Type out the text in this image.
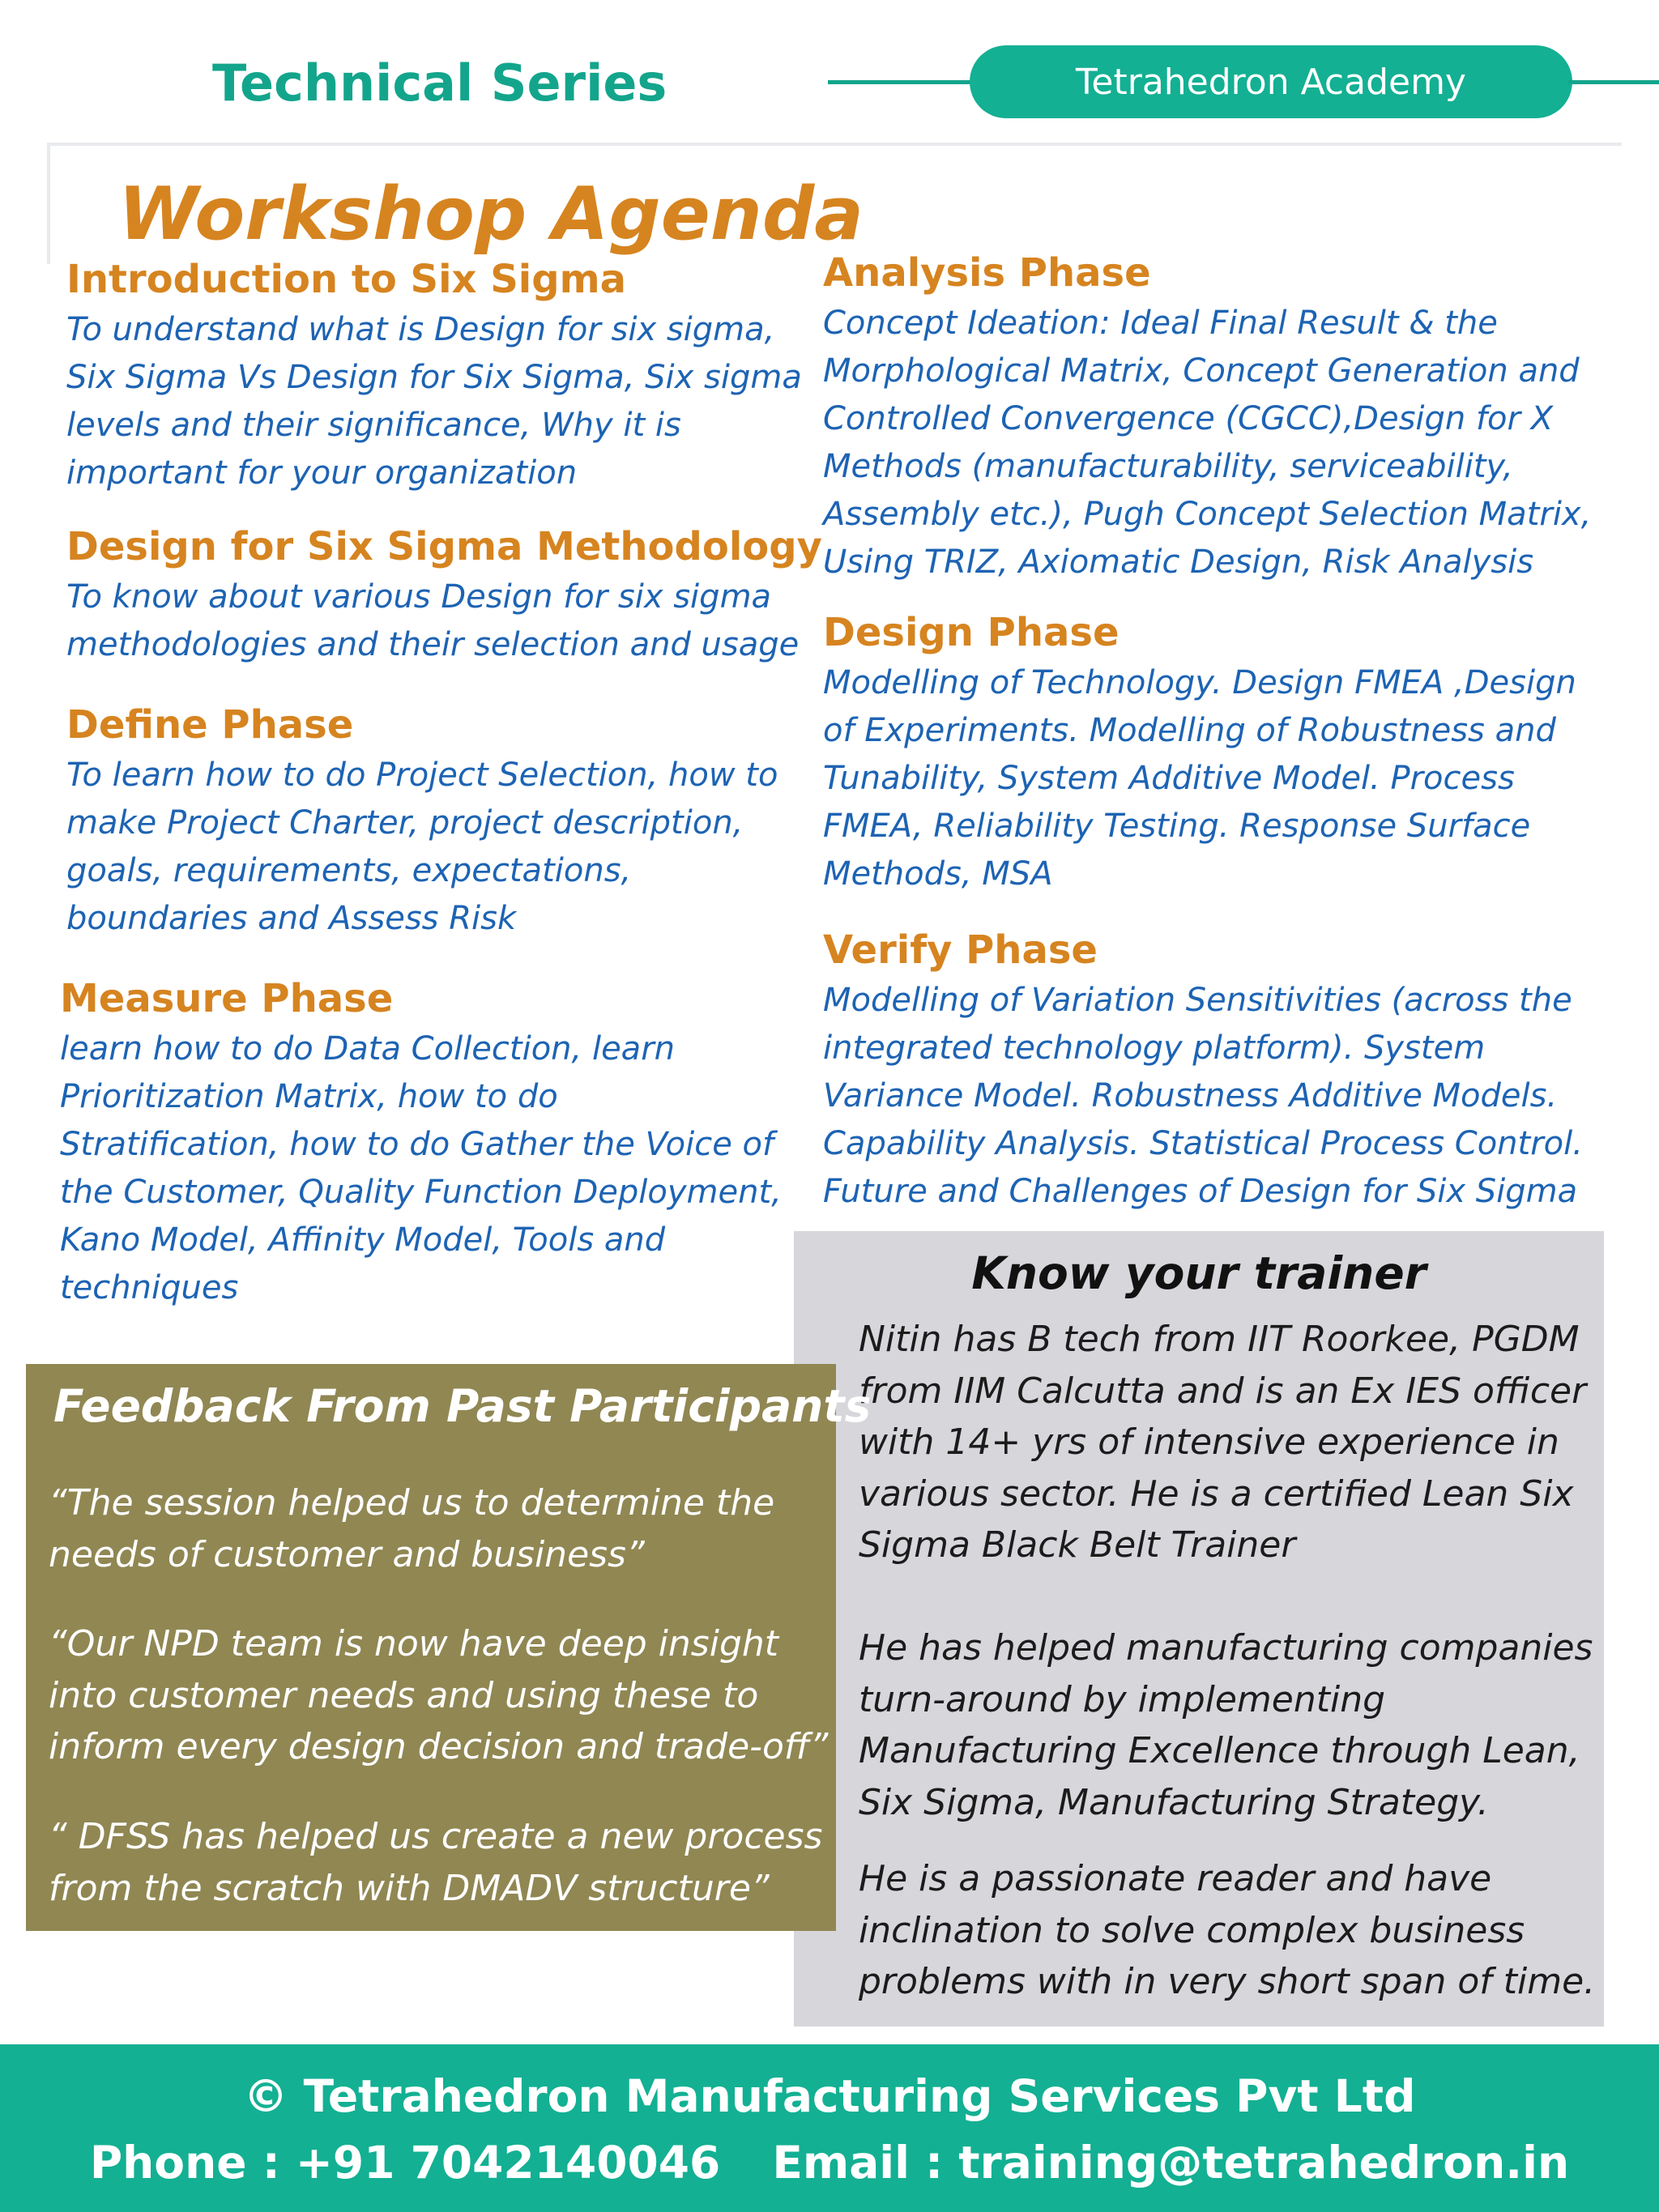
Technical Series	Tetrahedron Academy
Workshop Agenda
Introduction to Six Sigma

To understand what is Design for six sigma,
Six Sigma Vs Design for Six Sigma, Six sigma
levels and their significance, Why it is
important for your organization

Design for Six Sigma Methodology

To know about various Design for six sigma
methodologies and their selection and usage

Define Phase

To learn how to do Project Selection, how to
make Project Charter, project description,
goals, requirements, expectations,
boundaries and Assess Risk

Measure Phase

learn how to do Data Collection, learn
Prioritization Matrix, how to do
Stratification, how to do Gather the Voice of
the Customer, Quality Function Deployment,
Kano Model, Affinity Model, Tools and
techniques

Analysis Phase

Concept Ideation: Ideal Final Result & the
Morphological Matrix, Concept Generation and
Controlled Convergence (CGCC),Design for X
Methods (manufacturability, serviceability,
Assembly etc.), Pugh Concept Selection Matrix,
Using TRIZ, Axiomatic Design, Risk Analysis

Design Phase

Modelling of Technology. Design FMEA ,Design
of Experiments. Modelling of Robustness and
Tunability, System Additive Model. Process
FMEA, Reliability Testing. Response Surface
Methods, MSA

Verify Phase

Modelling of Variation Sensitivities (across the
integrated technology platform). System
Variance Model. Robustness Additive Models.
Capability Analysis. Statistical Process Control.
Future and Challenges of Design for Six Sigma

Know your trainer

Nitin has B tech from IIT Roorkee, PGDM
from IIM Calcutta and is an Ex IES officer
with 14+ yrs of intensive experience in
various sector. He is a certified Lean Six
Sigma Black Belt Trainer

He has helped manufacturing companies
turn-around by implementing
Manufacturing Excellence through Lean,
Six Sigma, Manufacturing Strategy.

He is a passionate reader and have
inclination to solve complex business
problems with in very short span of time.

Feedback From Past Participants

“The session helped us to determine the
needs of customer and business”

“Our NPD team is now have deep insight
into customer needs and using these to
inform every design decision and trade-off”

“ DFSS has helped us create a new process
from the scratch with DMADV structure”

© Tetrahedron Manufacturing Services Pvt Ltd
Phone : +91 7042140046 Email : training@tetrahedron.in
